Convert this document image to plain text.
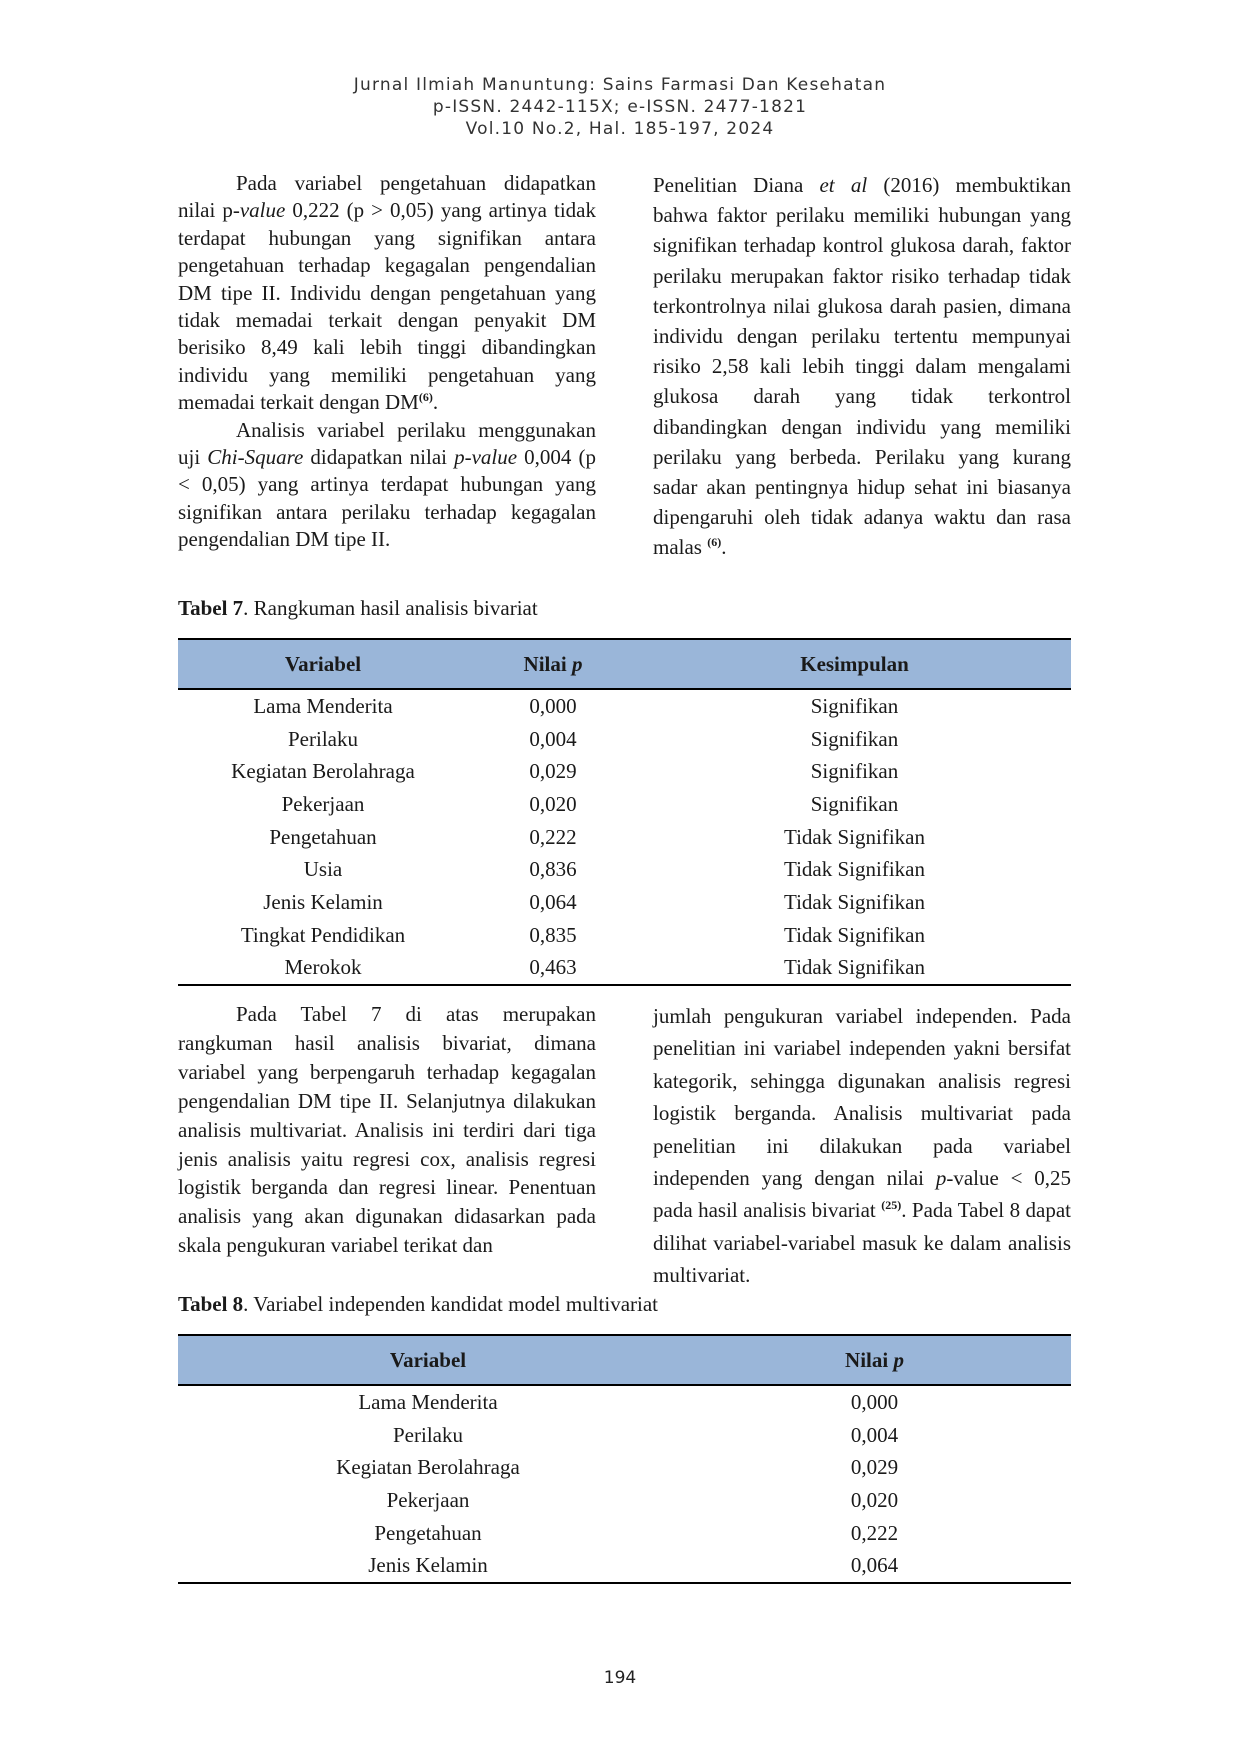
Jurnal Ilmiah Manuntung: Sains Farmasi Dan Kesehatan
p-ISSN. 2442-115X; e-ISSN. 2477-1821
Vol.10 No.2, Hal. 185-197, 2024

Pada variabel pengetahuan didapatkan nilai p-value 0,222 (p > 0,05) yang artinya tidak terdapat hubungan yang signifikan antara pengetahuan terhadap kegagalan pengendalian DM tipe II. Individu dengan pengetahuan yang tidak memadai terkait dengan penyakit DM berisiko 8,49 kali lebih tinggi dibandingkan individu yang memiliki pengetahuan yang memadai terkait dengan DM$^{(6)}$.

Analisis variabel perilaku menggunakan uji Chi-Square didapatkan nilai p-value 0,004 (p < 0,05) yang artinya terdapat hubungan yang signifikan antara perilaku terhadap kegagalan pengendalian DM tipe II.

Penelitian Diana et al (2016) membuktikan bahwa faktor perilaku memiliki hubungan yang signifikan terhadap kontrol glukosa darah, faktor perilaku merupakan faktor risiko terhadap tidak terkontrolnya nilai glukosa darah pasien, dimana individu dengan perilaku tertentu mempunyai risiko 2,58 kali lebih tinggi dalam mengalami glukosa darah yang tidak terkontrol dibandingkan dengan individu yang memiliki perilaku yang berbeda. Perilaku yang kurang sadar akan pentingnya hidup sehat ini biasanya dipengaruhi oleh tidak adanya waktu dan rasa malas $^{(6)}$.

Tabel 7. Rangkuman hasil analisis bivariat
Variabel	Nilai p	Kesimpulan
Lama Menderita	0,000	Signifikan
Perilaku	0,004	Signifikan
Kegiatan Berolahraga	0,029	Signifikan
Pekerjaan	0,020	Signifikan
Pengetahuan	0,222	Tidak Signifikan
Usia	0,836	Tidak Signifikan
Jenis Kelamin	0,064	Tidak Signifikan
Tingkat Pendidikan	0,835	Tidak Signifikan
Merokok	0,463	Tidak Signifikan

Pada Tabel 7 di atas merupakan rangkuman hasil analisis bivariat, dimana variabel yang berpengaruh terhadap kegagalan pengendalian DM tipe II. Selanjutnya dilakukan analisis multivariat. Analisis ini terdiri dari tiga jenis analisis yaitu regresi cox, analisis regresi logistik berganda dan regresi linear. Penentuan analisis yang akan digunakan didasarkan pada skala pengukuran variabel terikat dan

jumlah pengukuran variabel independen. Pada penelitian ini variabel independen yakni bersifat kategorik, sehingga digunakan analisis regresi logistik berganda. Analisis multivariat pada penelitian ini dilakukan pada variabel independen yang dengan nilai p-value < 0,25 pada hasil analisis bivariat $^{(25)}$. Pada Tabel 8 dapat dilihat variabel-variabel masuk ke dalam analisis multivariat.

Tabel 8. Variabel independen kandidat model multivariat
Variabel	Nilai p
Lama Menderita	0,000
Perilaku	0,004
Kegiatan Berolahraga	0,029
Pekerjaan	0,020
Pengetahuan	0,222
Jenis Kelamin	0,064
194
